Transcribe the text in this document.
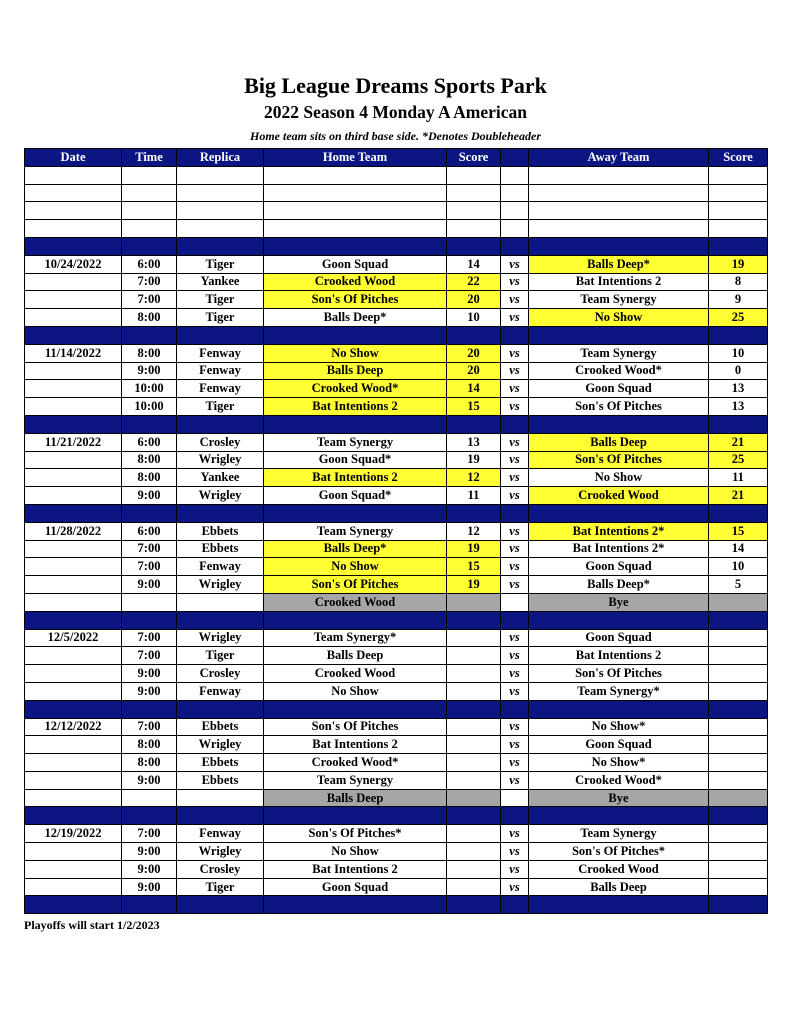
Big League Dreams Sports Park
2022 Season 4 Monday A American
Home team sits on third base side. *Denotes Doubleheader
Date	Time	Replica	Home Team	Score		Away Team	Score

10/24/2022	6:00	Tiger	Goon Squad	14	vs	Balls Deep*	19
	7:00	Yankee	Crooked Wood	22	vs	Bat Intentions 2	8
	7:00	Tiger	Son's Of Pitches	20	vs	Team Synergy	9
	8:00	Tiger	Balls Deep*	10	vs	No Show	25

11/14/2022	8:00	Fenway	No Show	20	vs	Team Synergy	10
	9:00	Fenway	Balls Deep	20	vs	Crooked Wood*	0
	10:00	Fenway	Crooked Wood*	14	vs	Goon Squad	13
	10:00	Tiger	Bat Intentions 2	15	vs	Son's Of Pitches	13

11/21/2022	6:00	Crosley	Team Synergy	13	vs	Balls Deep	21
	8:00	Wrigley	Goon Squad*	19	vs	Son's Of Pitches	25
	8:00	Yankee	Bat Intentions 2	12	vs	No Show	11
	9:00	Wrigley	Goon Squad*	11	vs	Crooked Wood	21

11/28/2022	6:00	Ebbets	Team Synergy	12	vs	Bat Intentions 2*	15
	7:00	Ebbets	Balls Deep*	19	vs	Bat Intentions 2*	14
	7:00	Fenway	No Show	15	vs	Goon Squad	10
	9:00	Wrigley	Son's Of Pitches	19	vs	Balls Deep*	5
			Crooked Wood			Bye	

12/5/2022	7:00	Wrigley	Team Synergy*		vs	Goon Squad	
	7:00	Tiger	Balls Deep		vs	Bat Intentions 2	
	9:00	Crosley	Crooked Wood		vs	Son's Of Pitches	
	9:00	Fenway	No Show		vs	Team Synergy*	

12/12/2022	7:00	Ebbets	Son's Of Pitches		vs	No Show*	
	8:00	Wrigley	Bat Intentions 2		vs	Goon Squad	
	8:00	Ebbets	Crooked Wood*		vs	No Show*	
	9:00	Ebbets	Team Synergy		vs	Crooked Wood*	
			Balls Deep			Bye	

12/19/2022	7:00	Fenway	Son's Of Pitches*		vs	Team Synergy	
	9:00	Wrigley	No Show		vs	Son's Of Pitches*	
	9:00	Crosley	Bat Intentions 2		vs	Crooked Wood	
	9:00	Tiger	Goon Squad		vs	Balls Deep	

Playoffs will start 1/2/2023
